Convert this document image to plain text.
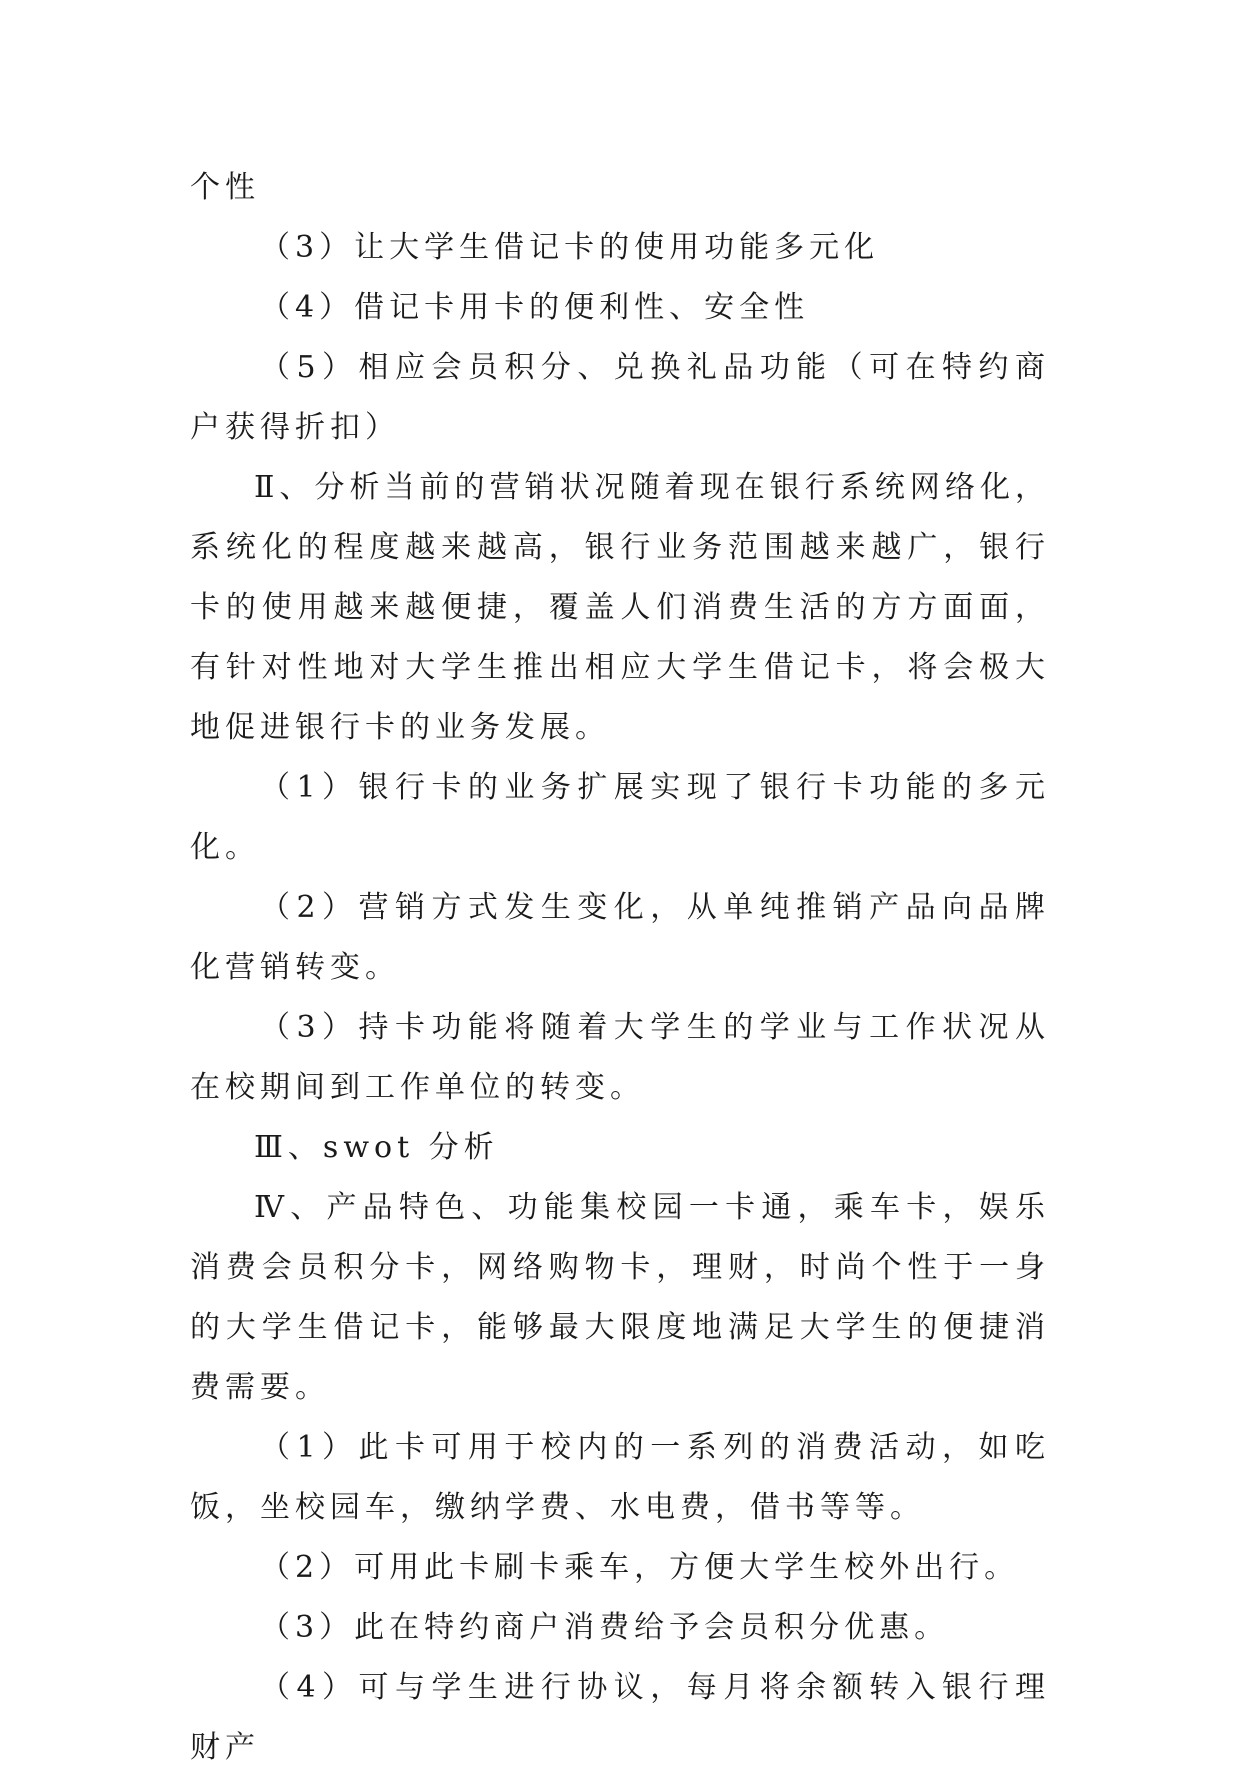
个性

（3）让大学生借记卡的使用功能多元化

（4）借记卡用卡的便利性、安全性

（5）相应会员积分、兑换礼品功能（可在特约商户获得折扣）

Ⅱ、分析当前的营销状况随着现在银行系统网络化，系统化的程度越来越高，银行业务范围越来越广，银行卡的使用越来越便捷，覆盖人们消费生活的方方面面，有针对性地对大学生推出相应大学生借记卡，将会极大地促进银行卡的业务发展。

（1）银行卡的业务扩展实现了银行卡功能的多元化。

（2）营销方式发生变化，从单纯推销产品向品牌化营销转变。

（3）持卡功能将随着大学生的学业与工作状况从在校期间到工作单位的转变。

Ⅲ、swot 分析

Ⅳ、产品特色、功能集校园一卡通，乘车卡，娱乐消费会员积分卡，网络购物卡，理财，时尚个性于一身的大学生借记卡，能够最大限度地满足大学生的便捷消费需要。

（1）此卡可用于校内的一系列的消费活动，如吃饭，坐校园车，缴纳学费、水电费，借书等等。

（2）可用此卡刷卡乘车，方便大学生校外出行。

（3）此在特约商户消费给予会员积分优惠。

（4）可与学生进行协议，每月将余额转入银行理财产
